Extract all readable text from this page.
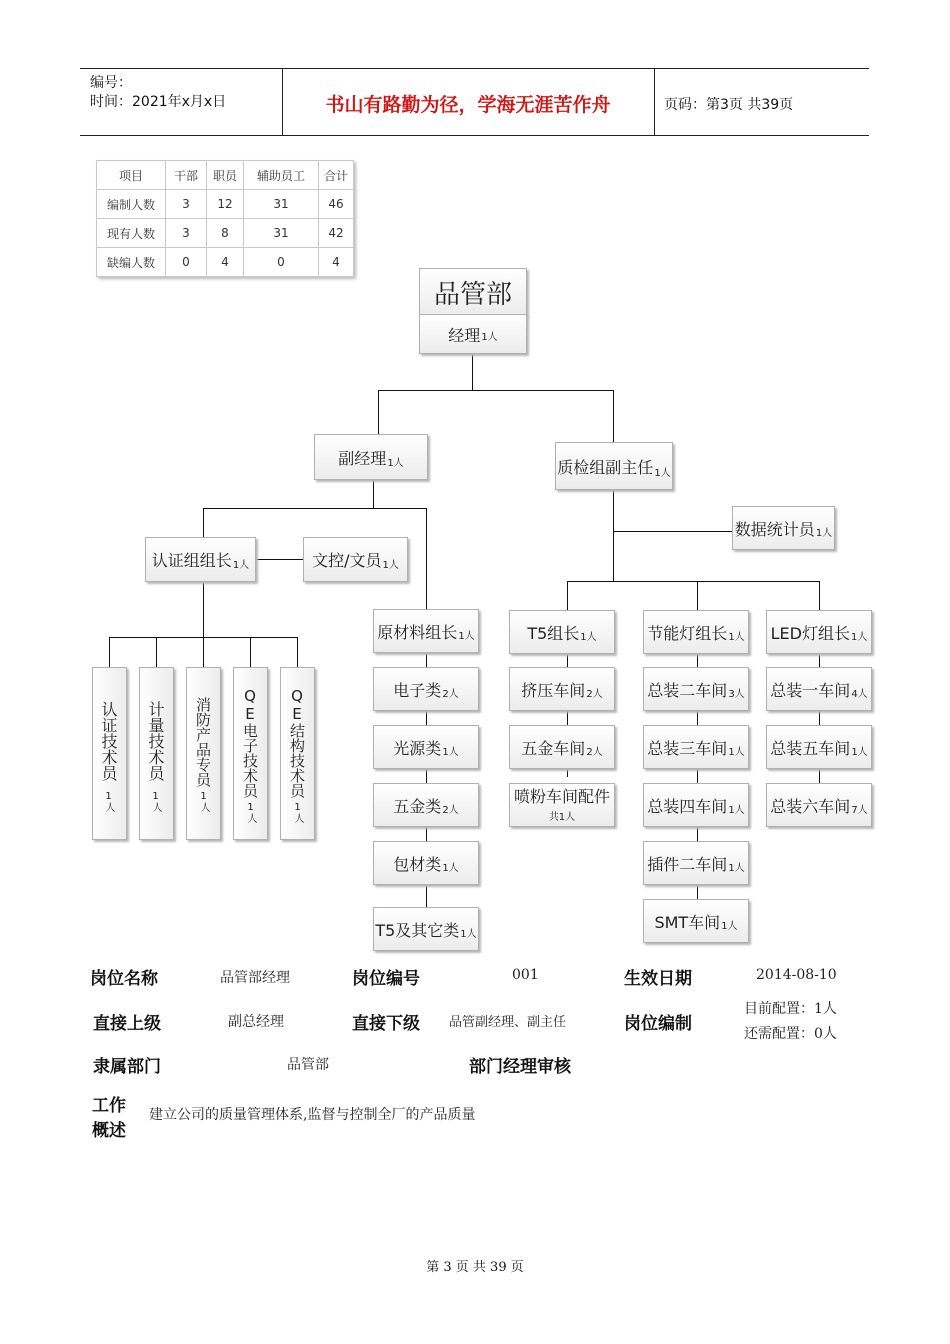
编号：
时间：2021年x月x日	书山有路勤为径，学海无涯苦作舟	页码：第3页 共39页
项目	干部	职员	辅助员工	合计
编制人数	3	12	31	46
现有人数	3	8	31	42
缺编人数	0	4	0	4
品管部
经理 1人
副经理 1人	质检组副主任 1人
数据统计员 1人
认证组组长 1人	文控/文员 1人
认证技术员1人
计量技术员1人
消防产品专员1人
QE电子技术员1人
QE结构技术员1人
原材料组长 1人
电子类 2人
光源类 1人
五金类 2人
包材类 1人
T5及其它类 1人
T5组长 1人
挤压车间 2人
五金车间 2人
喷粉车间配件
共1人
节能灯组长 1人
总装二车间 3人
总装三车间 1人
总装四车间 1人
插件二车间 1人
SMT车间 1人
LED灯组长 1人
总装一车间 4人
总装五车间 1人
总装六车间 7人
岗位名称	品管部经理	岗位编号	001	生效日期	2014-08-10
直接上级	副总经理	直接下级 品管副经理、副主任	岗位编制
目前配置：1人
还需配置：0人
隶属部门	品管部	部门经理审核
工作
概述
建立公司的质量管理体系,监督与控制全厂的产品质量
第 3 页 共 39 页
